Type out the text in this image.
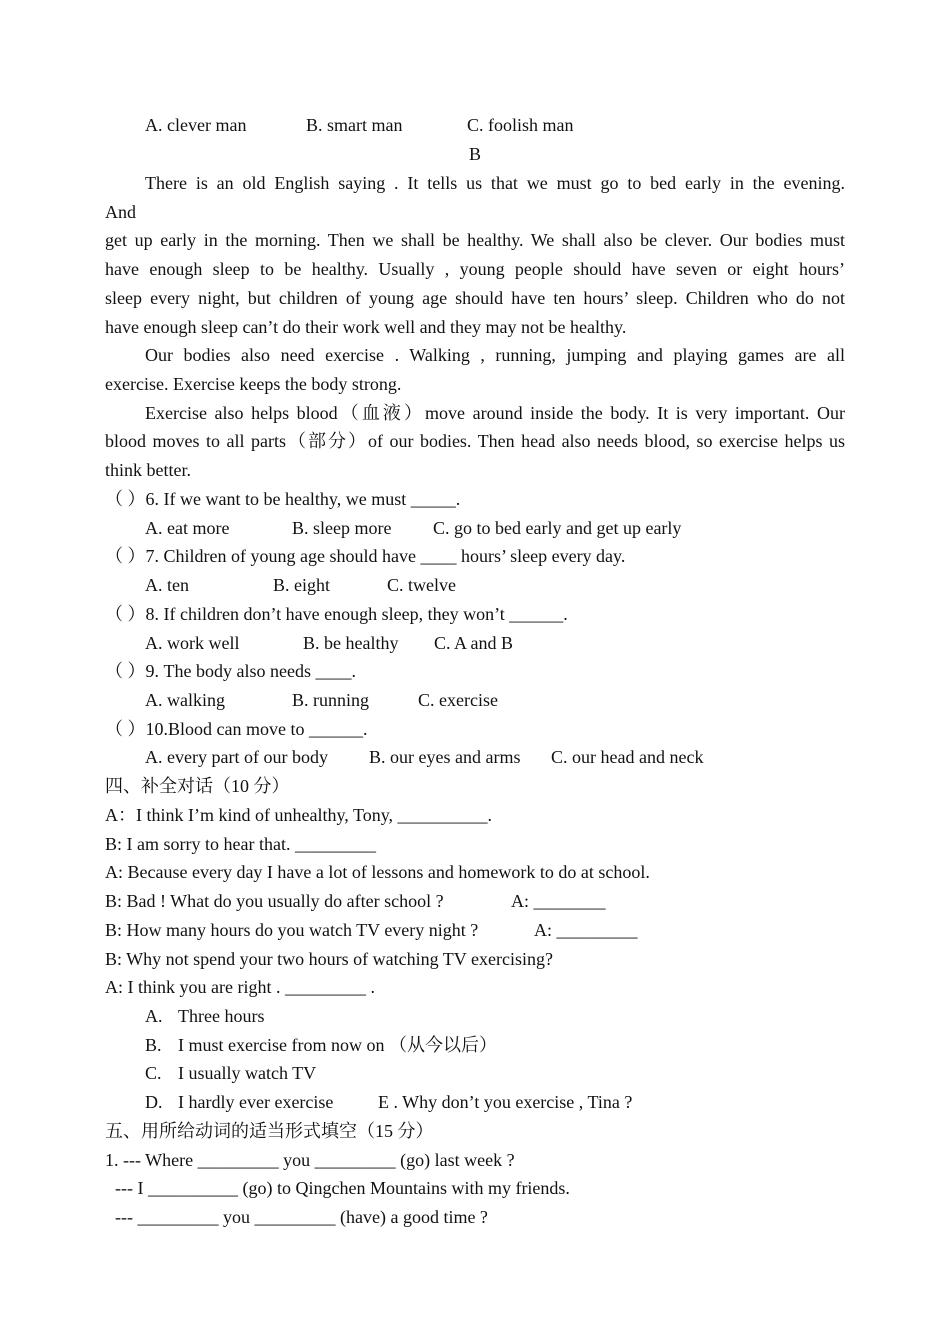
A. clever man	B. smart man	C. foolish man
B
There is an old English saying . It tells us that we must go to bed early in the evening.
And
get up early in the morning. Then we shall be healthy. We shall also be clever. Our bodies must
have enough sleep to be healthy. Usually , young people should have seven or eight hours’
sleep every night, but children of young age should have ten hours’ sleep. Children who do not
have enough sleep can’t do their work well and they may not be healthy.
Our bodies also need exercise . Walking , running, jumping and playing games are all
exercise. Exercise keeps the body strong.
Exercise also helps blood（血液）move around inside the body. It is very important. Our
blood moves to all parts（部分）of our bodies. Then head also needs blood, so exercise helps us
think better.
（ ）6. If we want to be healthy, we must _____.
A. eat more	B. sleep more C. go to bed early and get up early
（ ）7. Children of young age should have ____ hours’ sleep every day.
A. ten	B. eight	C. twelve
（ ）8. If children don’t have enough sleep, they won’t ______.
A. work well	B. be healthy C. A and B
（ ）9. The body also needs ____.
A. walking	B. running	C. exercise
（ ）10.Blood can move to ______.
A. every part of our body B. our eyes and arms C. our head and neck
四、补全对话（10 分）
A：I think I’m kind of unhealthy, Tony, __________.
B: I am sorry to hear that. _________
A: Because every day I have a lot of lessons and homework to do at school.
B: Bad ! What do you usually do after school ?	A: ________
B: How many hours do you watch TV every night ?	A: _________
B: Why not spend your two hours of watching TV exercising?
A: I think you are right . _________ .
A. Three hours
B. I must exercise from now on （从今以后）
C. I usually watch TV
D. I hardly ever exercise E . Why don’t you exercise , Tina ?
五、用所给动词的适当形式填空（15 分）
1. --- Where _________ you _________ (go) last week ?
--- I __________ (go) to Qingchen Mountains with my friends.
--- _________ you _________ (have) a good time ?
